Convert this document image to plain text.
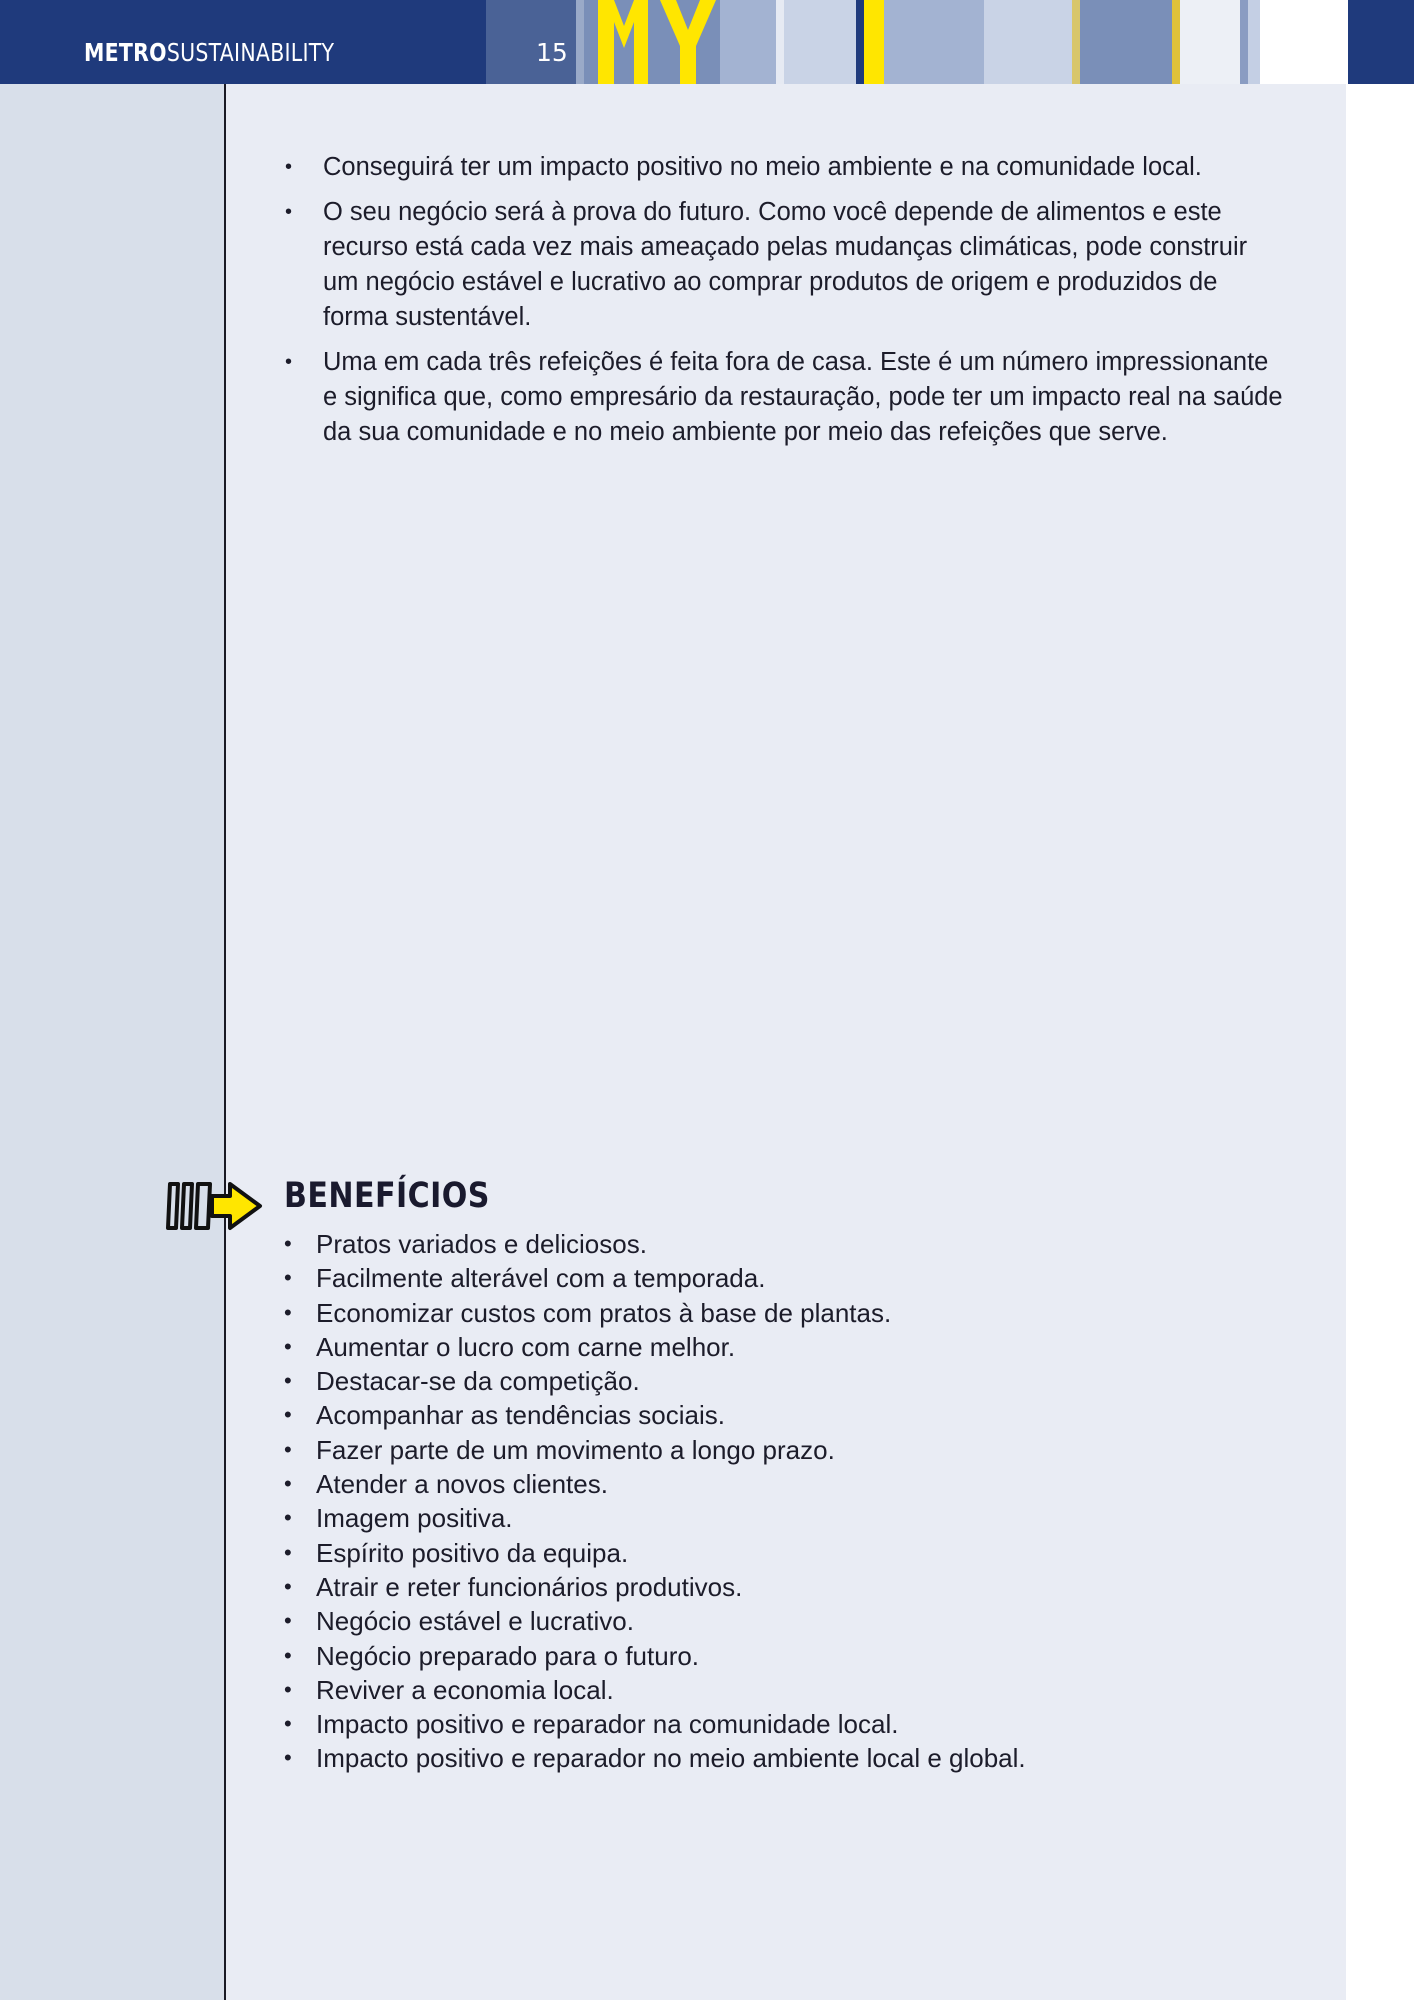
METROSUSTAINABILITY	15
• Conseguirá ter um impacto positivo no meio ambiente e na comunidade local.
• O seu negócio será à prova do futuro. Como você depende de alimentos e este recurso está cada vez mais ameaçado pelas mudanças climáticas, pode construir um negócio estável e lucrativo ao comprar produtos de origem e produzidos de forma sustentável.
• Uma em cada três refeições é feita fora de casa. Este é um número impressionante e significa que, como empresário da restauração, pode ter um impacto real na saúde da sua comunidade e no meio ambiente por meio das refeições que serve.
BENEFÍCIOS
• Pratos variados e deliciosos.
• Facilmente alterável com a temporada.
• Economizar custos com pratos à base de plantas.
• Aumentar o lucro com carne melhor.
• Destacar-se da competição.
• Acompanhar as tendências sociais.
• Fazer parte de um movimento a longo prazo.
• Atender a novos clientes.
• Imagem positiva.
• Espírito positivo da equipa.
• Atrair e reter funcionários produtivos.
• Negócio estável e lucrativo.
• Negócio preparado para o futuro.
• Reviver a economia local.
• Impacto positivo e reparador na comunidade local.
• Impacto positivo e reparador no meio ambiente local e global.
